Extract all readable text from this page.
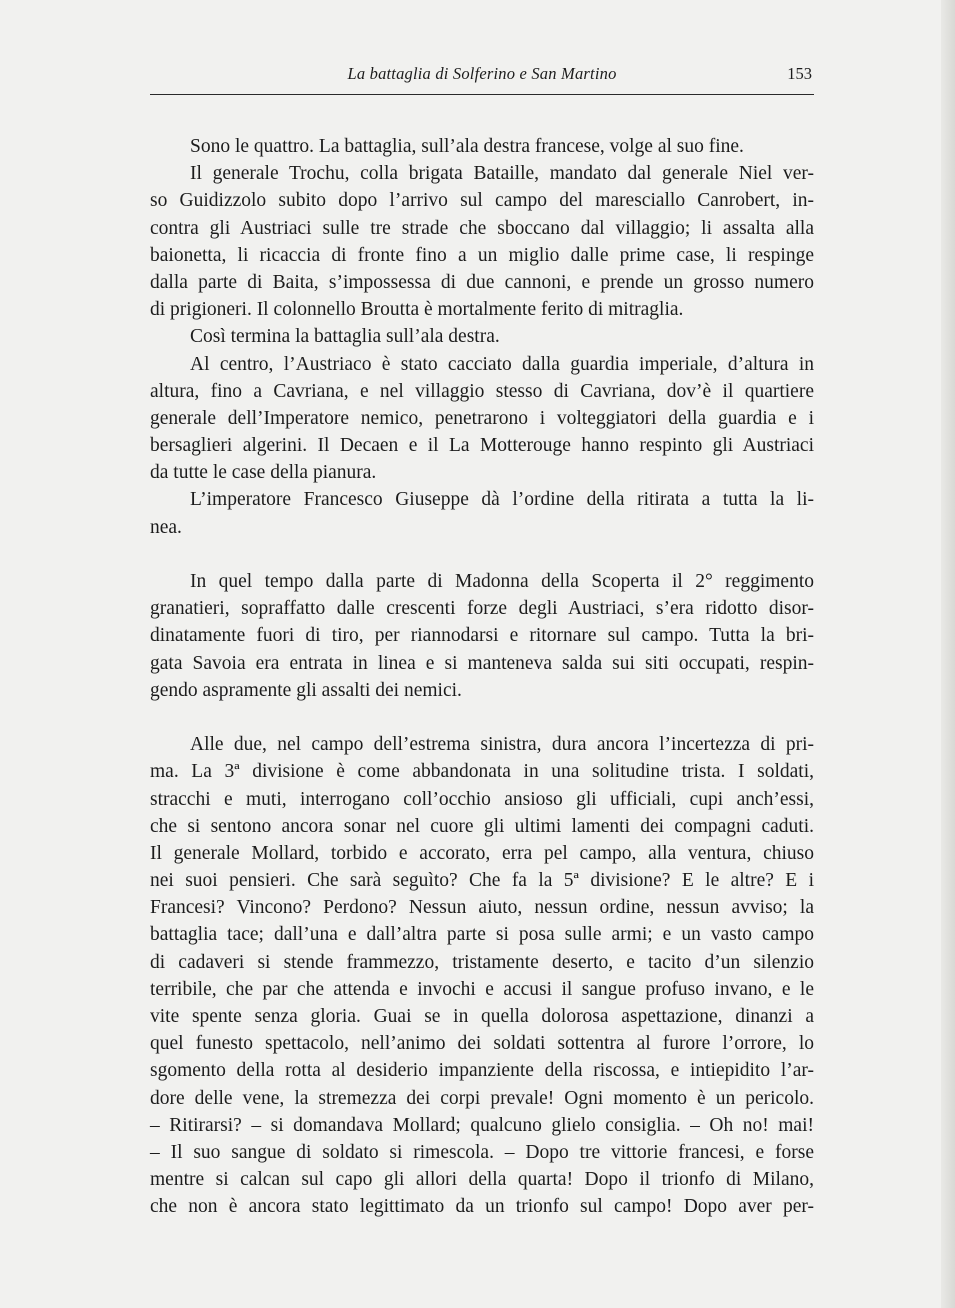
La battaglia di Solferino e San Martino	153
Sono le quattro. La battaglia, sull’ala destra francese, volge al suo fine.
Il generale Trochu, colla brigata Bataille, mandato dal generale Niel ver-
so Guidizzolo subito dopo l’arrivo sul campo del maresciallo Canrobert, in-
contra gli Austriaci sulle tre strade che sboccano dal villaggio; li assalta alla
baionetta, li ricaccia di fronte fino a un miglio dalle prime case, li respinge
dalla parte di Baita, s’impossessa di due cannoni, e prende un grosso numero
di prigioneri. Il colonnello Broutta è mortalmente ferito di mitraglia.
Così termina la battaglia sull’ala destra.
Al centro, l’Austriaco è stato cacciato dalla guardia imperiale, d’altura in
altura, fino a Cavriana, e nel villaggio stesso di Cavriana, dov’è il quartiere
generale dell’Imperatore nemico, penetrarono i volteggiatori della guardia e i
bersaglieri algerini. Il Decaen e il La Motterouge hanno respinto gli Austriaci
da tutte le case della pianura.
L’imperatore Francesco Giuseppe dà l’ordine della ritirata a tutta la li-
nea.
In quel tempo dalla parte di Madonna della Scoperta il 2° reggimento
granatieri, sopraffatto dalle crescenti forze degli Austriaci, s’era ridotto disor-
dinatamente fuori di tiro, per riannodarsi e ritornare sul campo. Tutta la bri-
gata Savoia era entrata in linea e si manteneva salda sui siti occupati, respin-
gendo aspramente gli assalti dei nemici.
Alle due, nel campo dell’estrema sinistra, dura ancora l’incertezza di pri-
ma. La 3ª divisione è come abbandonata in una solitudine trista. I soldati,
stracchi e muti, interrogano coll’occhio ansioso gli ufficiali, cupi anch’essi,
che si sentono ancora sonar nel cuore gli ultimi lamenti dei compagni caduti.
Il generale Mollard, torbido e accorato, erra pel campo, alla ventura, chiuso
nei suoi pensieri. Che sarà seguìto? Che fa la 5ª divisione? E le altre? E i
Francesi? Vincono? Perdono? Nessun aiuto, nessun ordine, nessun avviso; la
battaglia tace; dall’una e dall’altra parte si posa sulle armi; e un vasto campo
di cadaveri si stende frammezzo, tristamente deserto, e tacito d’un silenzio
terribile, che par che attenda e invochi e accusi il sangue profuso invano, e le
vite spente senza gloria. Guai se in quella dolorosa aspettazione, dinanzi a
quel funesto spettacolo, nell’animo dei soldati sottentra al furore l’orrore, lo
sgomento della rotta al desiderio impanziente della riscossa, e intiepidito l’ar-
dore delle vene, la stremezza dei corpi prevale! Ogni momento è un pericolo.
– Ritirarsi? – si domandava Mollard; qualcuno glielo consiglia. – Oh no! mai!
– Il suo sangue di soldato si rimescola. – Dopo tre vittorie francesi, e forse
mentre si calcan sul capo gli allori della quarta! Dopo il trionfo di Milano,
che non è ancora stato legittimato da un trionfo sul campo! Dopo aver per-
